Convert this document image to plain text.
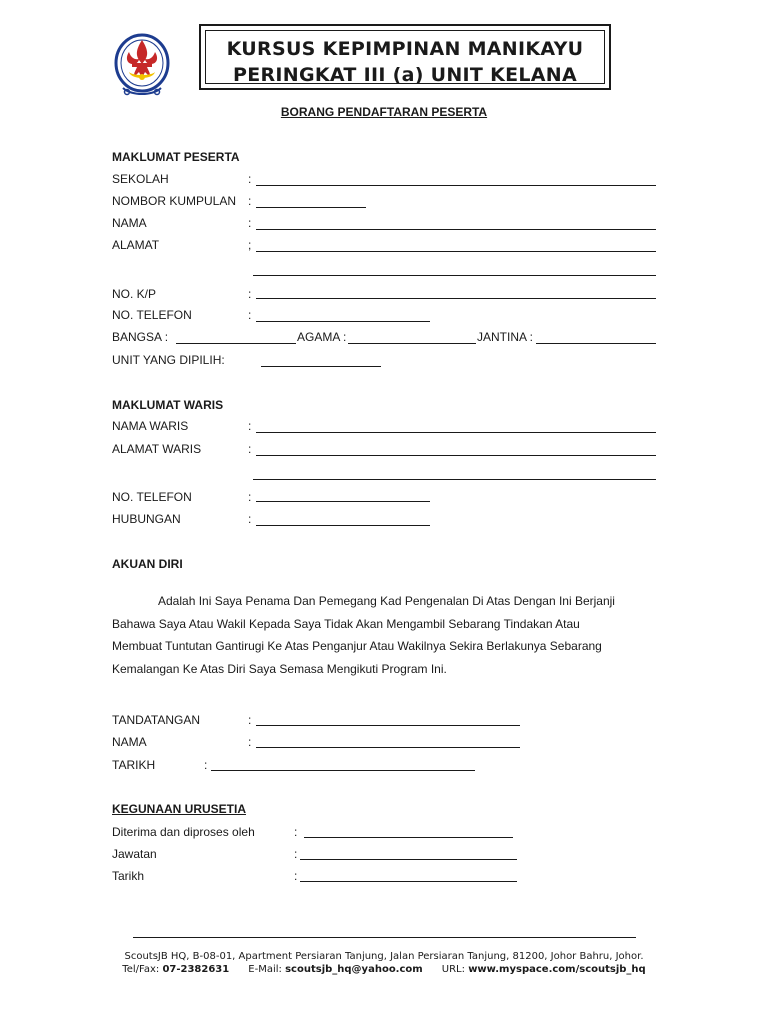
KURSUS KEPIMPINAN MANIKAYU
PERINGKAT III (a) UNIT KELANA
BORANG PENDAFTARAN PESERTA
MAKLUMAT PESERTA
SEKOLAH	:
NOMBOR KUMPULAN :
NAMA	:
ALAMAT	;
NO. K/P	:
NO. TELEFON	:
BANGSA :	AGAMA :	JANTINA :
UNIT YANG DIPILIH:
MAKLUMAT WARIS
NAMA WARIS	:
ALAMAT WARIS	:
NO. TELEFON	:
HUBUNGAN	:
AKUAN DIRI
Adalah Ini Saya Penama Dan Pemegang Kad Pengenalan Di Atas Dengan Ini Berjanji
Bahawa Saya Atau Wakil Kepada Saya Tidak Akan Mengambil Sebarang Tindakan Atau
Membuat Tuntutan Gantirugi Ke Atas Penganjur Atau Wakilnya Sekira Berlakunya Sebarang
Kemalangan Ke Atas Diri Saya Semasa Mengikuti Program Ini.
TANDATANGAN	:
NAMA	:
TARIKH	:
KEGUNAAN URUSETIA
Diterima dan diproses oleh	:
Jawatan	:
Tarikh	:
ScoutsJB HQ, B-08-01, Apartment Persiaran Tanjung, Jalan Persiaran Tanjung, 81200, Johor Bahru, Johor.
Tel/Fax: 07-2382631 E-Mail: scoutsjb_hq@yahoo.com URL: www.myspace.com/scoutsjb_hq
